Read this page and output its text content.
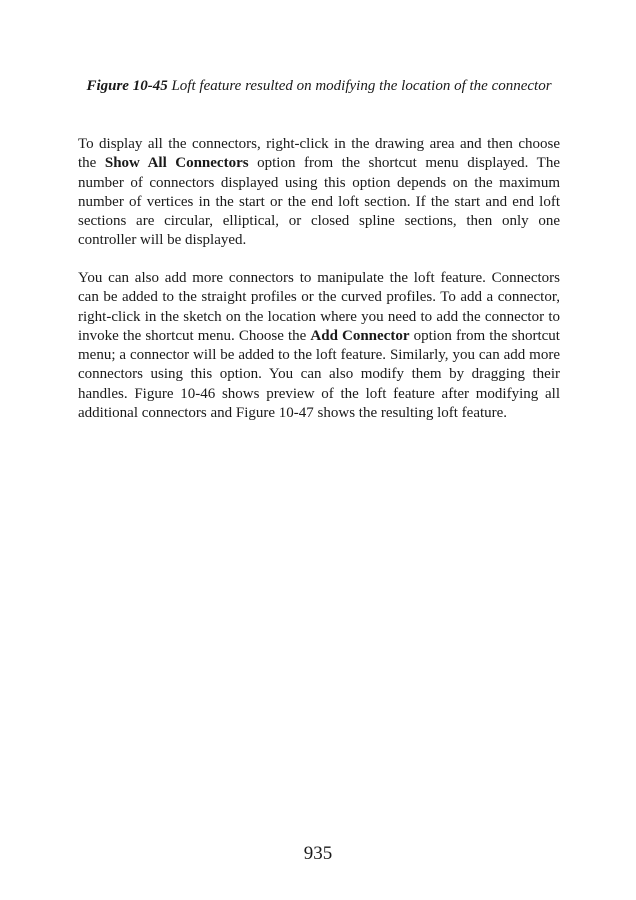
Figure 10-45 Loft feature resulted on modifying the location of the connector

To display all the connectors, right-click in the drawing area and then choose the Show All Connectors option from the shortcut menu displayed. The number of connectors displayed using this option depends on the maximum number of vertices in the start or the end loft section. If the start and end loft sections are circular, elliptical, or closed spline sections, then only one controller will be displayed.

You can also add more connectors to manipulate the loft feature. Connectors can be added to the straight profiles or the curved profiles. To add a connector, right-click in the sketch on the location where you need to add the connector to invoke the shortcut menu. Choose the Add Connector option from the shortcut menu; a connector will be added to the loft feature. Similarly, you can add more connectors using this option. You can also modify them by dragging their handles. Figure 10-46 shows preview of the loft feature after modifying all additional connectors and Figure 10-47 shows the resulting loft feature.

935
